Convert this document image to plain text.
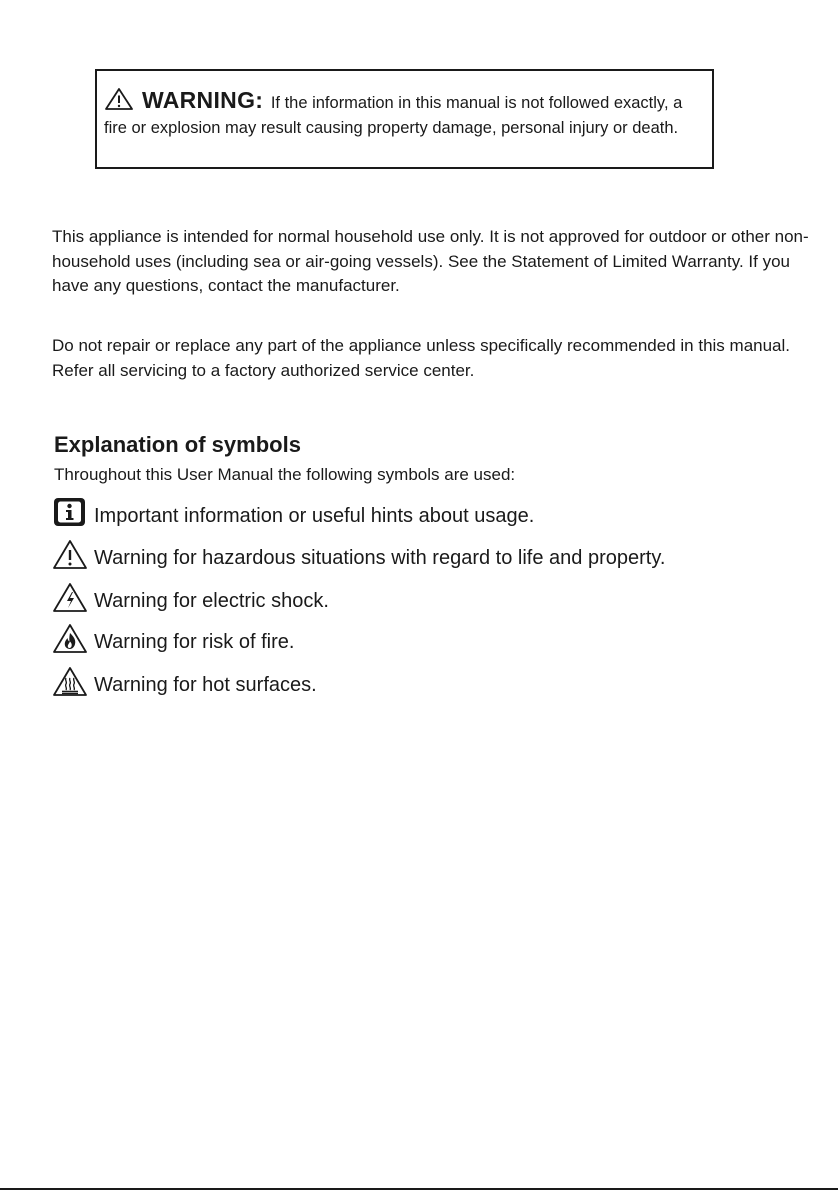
WARNING: If the information in this manual is not followed exactly, a fire or explosion may result causing property damage, personal injury or death.

This appliance is intended for normal household use only. It is not approved for outdoor or other non-household uses (including sea or air-going vessels). See the Statement of Limited Warranty. If you have any questions, contact the manufacturer.

Do not repair or replace any part of the appliance unless specifically recommended in this manual. Refer all servicing to a factory authorized service center.

Explanation of symbols

Throughout this User Manual the following symbols are used:

Important information or useful hints about usage.
Warning for hazardous situations with regard to life and property.
Warning for electric shock.
Warning for risk of fire.
Warning for hot surfaces.
